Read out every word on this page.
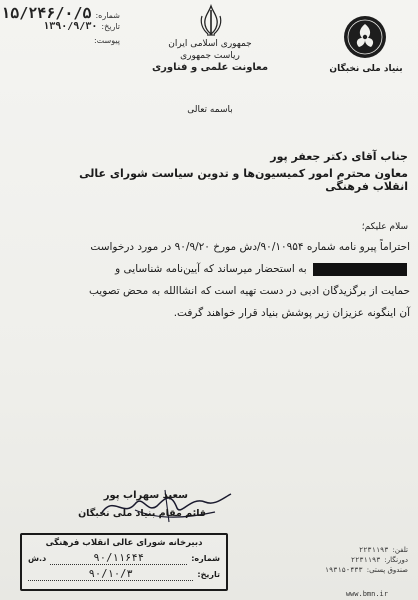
شماره:
۱۵/۲۴۶/۰/۵
تاریخ:
۱۳۹۰/۹/۳۰
پیوست:	جمهوری اسلامی ایران
ریاست جمهوری
معاونت علمی و فناوری	بنیاد ملی نخبگان
باسمه تعالی
جناب آقای دکتر جعفر پور
معاون محترم امور کمیسیون‌ها و تدوین سیاست شورای عالی انقلاب فرهنگی
سلام علیکم؛
احتراماً پیرو نامه شماره ۹۰/۱۰۹۵۴/دش مورخ ۹۰/۹/۲۰ در مورد درخواست
به استحضار میرساند که آیین‌نامه شناسایی و
حمایت از برگزیدگان ادبی در دست تهیه است که انشاالله به محض تصویب
آن اینگونه عزیزان زیر پوشش بنیاد قرار خواهند گرفت.
سعید سهراب پور
قائم مقام بنیاد ملی نخبگان
دبیرخانه شورای عالی انقلاب فرهنگی
شماره:
۹۰/۱۱۶۴۴
د.ش
تاریخ:
۹۰/۱۰/۳
تلفن:
۲۲۳۱۱۹۳
دورنگار:
۲۲۳۱۱۹۳
صندوق پستی:
۱۹۳۱۵-۴۳۳
www.bmn.ir
